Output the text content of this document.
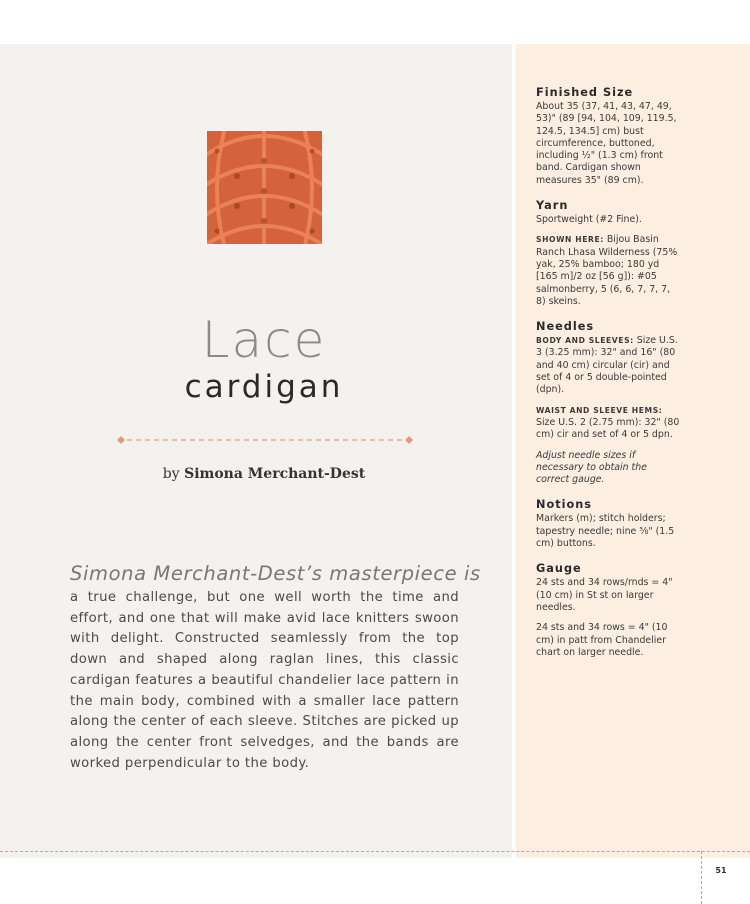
Lace
cardigan
by Simona Merchant-Dest
Simona Merchant-Dest’s masterpiece is
a true challenge, but one well worth the time and effort, and one that will make avid lace knitters swoon with delight. Constructed seamlessly from the top down and shaped along raglan lines, this classic cardigan features a beautiful chandelier lace pattern in the main body, combined with a smaller lace pattern along the center of each sleeve. Stitches are picked up along the center front selvedges, and the bands are worked perpendicular to the body.
Finished Size

About 35 (37, 41, 43, 47, 49, 53)" (89 [94, 104, 109, 119.5, 124.5, 134.5] cm) bust circumference, buttoned, including ½" (1.3 cm) front band. Cardigan shown measures 35" (89 cm).

Yarn

Sportweight (#2 Fine).

SHOWN HERE: Bijou Basin Ranch Lhasa Wilderness (75% yak, 25% bamboo; 180 yd [165 m]/2 oz [56 g]): #05 salmonberry, 5 (6, 6, 7, 7, 7, 8) skeins.

Needles

BODY AND SLEEVES: Size U.S. 3 (3.25 mm): 32" and 16" (80 and 40 cm) circular (cir) and set of 4 or 5 double-pointed (dpn).

WAIST AND SLEEVE HEMS:
Size U.S. 2 (2.75 mm): 32" (80 cm) cir and set of 4 or 5 dpn.

Adjust needle sizes if necessary to obtain the correct gauge.

Notions

Markers (m); stitch holders; tapestry needle; nine ⅝" (1.5 cm) buttons.

Gauge

24 sts and 34 rows/rnds = 4" (10 cm) in St st on larger needles.

24 sts and 34 rows = 4" (10 cm) in patt from Chandelier chart on larger needle.

51
